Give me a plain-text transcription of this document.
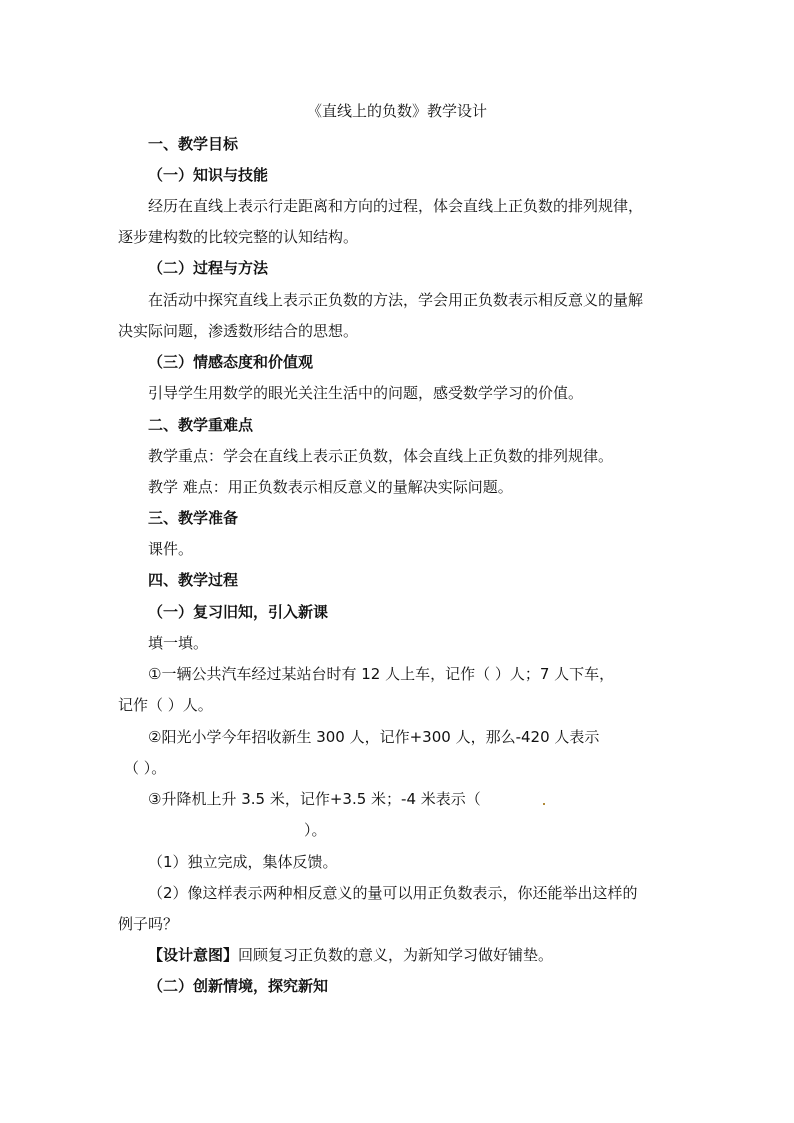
《直线上的负数》教学设计

一、教学目标

（一）知识与技能

经历在直线上表示行走距离和方向的过程，体会直线上正负数的排列规律，

逐步建构数的比较完整的认知结构。

（二）过程与方法

在活动中探究直线上表示正负数的方法，学会用正负数表示相反意义的量解

决实际问题，渗透数形结合的思想。

（三）情感态度和价值观

引导学生用数学的眼光关注生活中的问题，感受数学学习的价值。

二、教学重难点

教学重点：学会在直线上表示正负数，体会直线上正负数的排列规律。

教学 难点：用正负数表示相反意义的量解决实际问题。

三、教学准备

课件。

四、教学过程

（一）复习旧知，引入新课

填一填。

①一辆公共汽车经过某站台时有 12 人上车，记作（ ）人；7 人下车，

记作（ ）人。

②阳光小学今年招收新生 300 人，记作+300 人，那么-420 人表示

（ ）。

③升降机上升 3.5 米，记作+3.5 米；-4 米表示（

）。

（1）独立完成，集体反馈。

（2）像这样表示两种相反意义的量可以用正负数表示，你还能举出这样的

例子吗？

【设计意图】回顾复习正负数的意义，为新知学习做好铺垫。

（二）创新情境，探究新知
